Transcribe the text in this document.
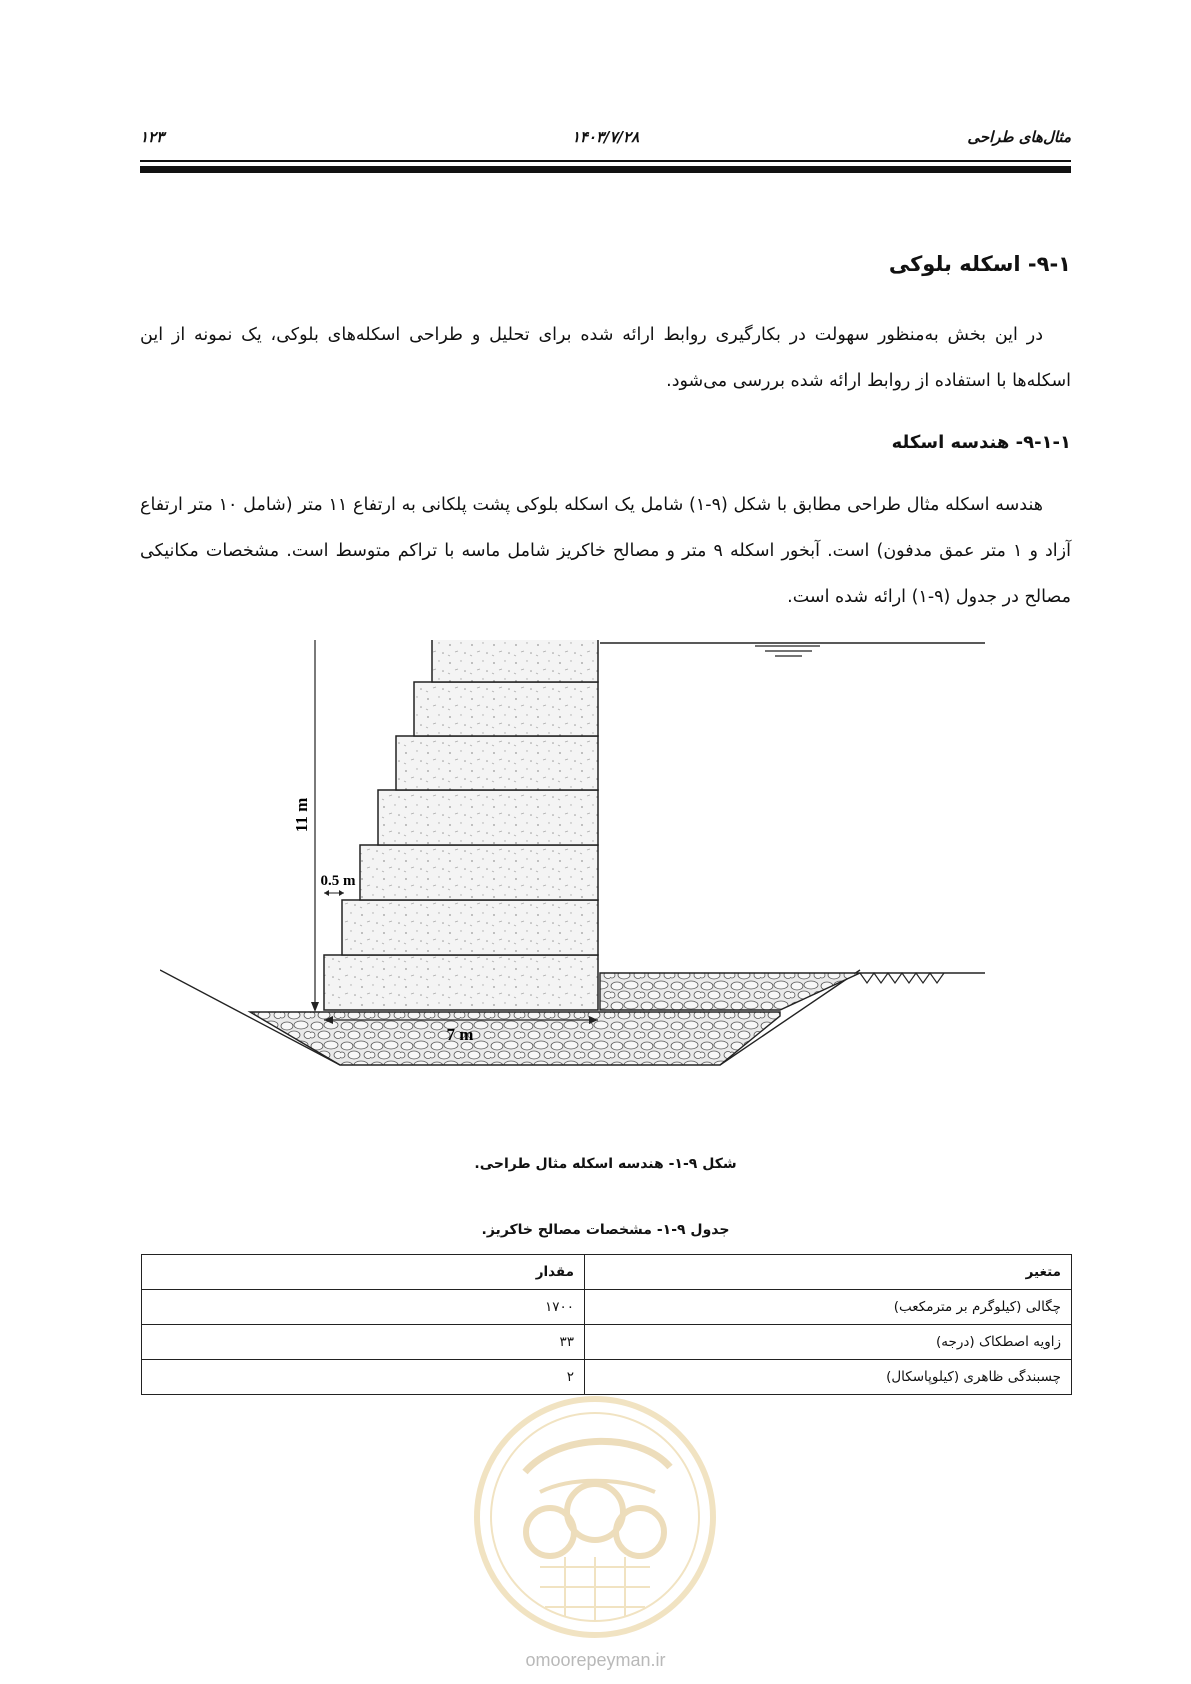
۱۲۳	۱۴۰۳/۷/۲۸	مثال‌های طراحی
۹-۱- اسکله بلوکی

در این بخش به‌منظور سهولت در بکارگیری روابط ارائه شده برای تحلیل و طراحی اسکله‌های بلوکی، یک نمونه از این اسکله‌ها با استفاده از روابط ارائه شده بررسی می‌شود.

۹-۱-۱- هندسه اسکله

هندسه اسکله مثال طراحی مطابق با شکل (۹-۱) شامل یک اسکله بلوکی پشت پلکانی به ارتفاع ۱۱ متر (شامل ۱۰ متر ارتفاع آزاد و ۱ متر عمق مدفون) است. آبخور اسکله ۹ متر و مصالح خاکریز شامل ماسه با تراکم متوسط است. مشخصات مکانیکی مصالح در جدول (۹-۱) ارائه شده است.

11 m
0.5 m
7 m
شکل ۹-۱- هندسه اسکله مثال طراحی.
جدول ۹-۱- مشخصات مصالح خاکریز.
متغیر	مقدار
چگالی (کیلوگرم بر مترمکعب)	۱۷۰۰
زاویه اصطکاک (درجه)	۳۳
چسبندگی ظاهری (کیلوپاسکال)	۲
omoorepeyman.ir
